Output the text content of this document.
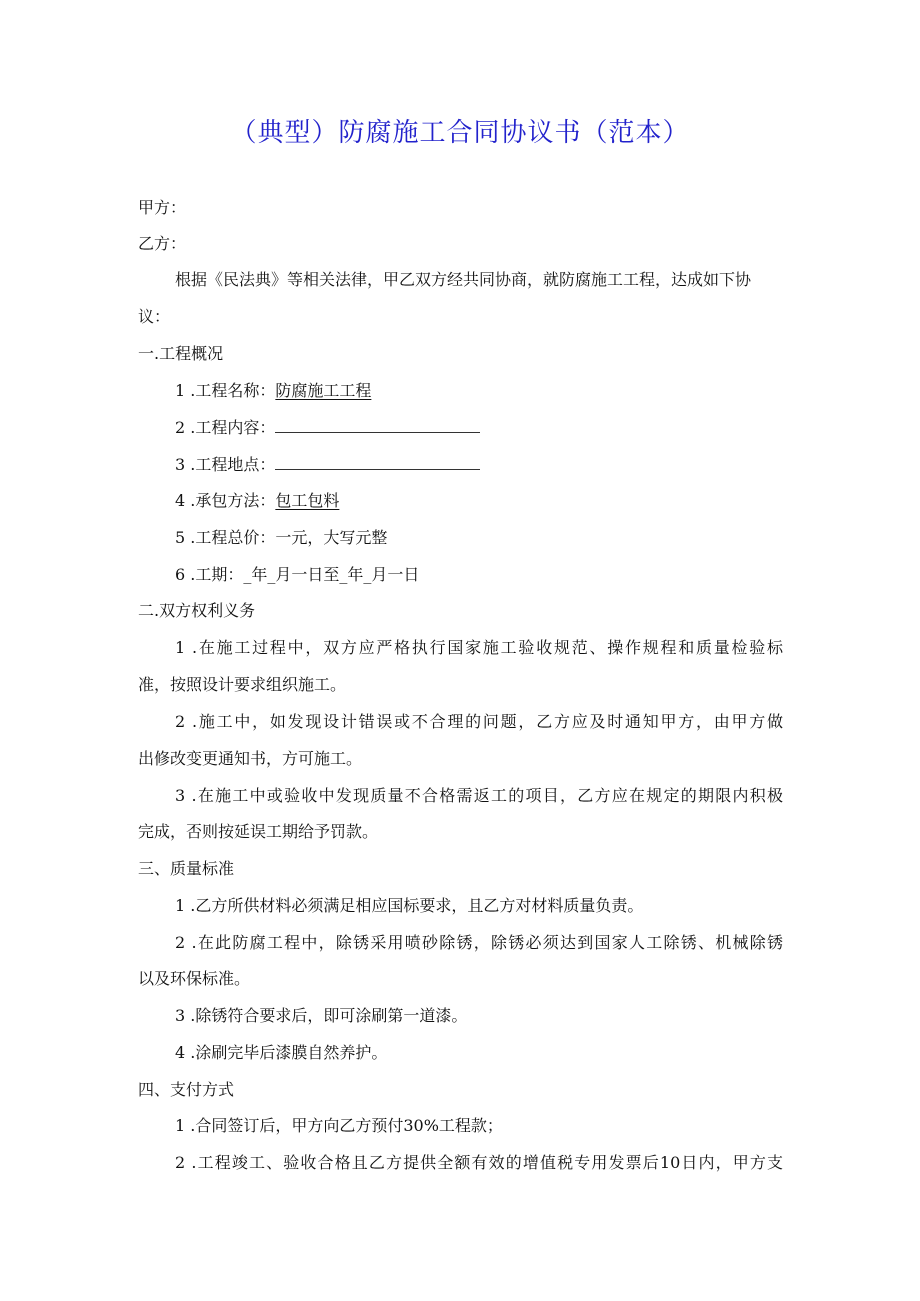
（典型）防腐施工合同协议书（范本）
甲方：
乙方：
根据《民法典》等相关法律，甲乙双方经共同协商，就防腐施工工程，达成如下协
议：
一.工程概况
1 .工程名称：防腐施工工程
2 .工程内容：
3 .工程地点：
4 .承包方法：包工包料
5 .工程总价：一元，大写元整
6 .工期：_年_月一日至_年_月一日
二.双方权利义务
1 .在施工过程中，双方应严格执行国家施工验收规范、操作规程和质量检验标
准，按照设计要求组织施工。
2 .施工中，如发现设计错误或不合理的问题，乙方应及时通知甲方，由甲方做
出修改变更通知书，方可施工。
3 .在施工中或验收中发现质量不合格需返工的项目，乙方应在规定的期限内积极
完成，否则按延误工期给予罚款。
三、质量标准
1 .乙方所供材料必须满足相应国标要求，且乙方对材料质量负责。
2 .在此防腐工程中，除锈采用喷砂除锈，除锈必须达到国家人工除锈、机械除锈
以及环保标准。
3 .除锈符合要求后，即可涂刷第一道漆。
4 .涂刷完毕后漆膜自然养护。
四、支付方式
1 .合同签订后，甲方向乙方预付30%工程款；
2 .工程竣工、验收合格且乙方提供全额有效的增值税专用发票后10日内，甲方支
